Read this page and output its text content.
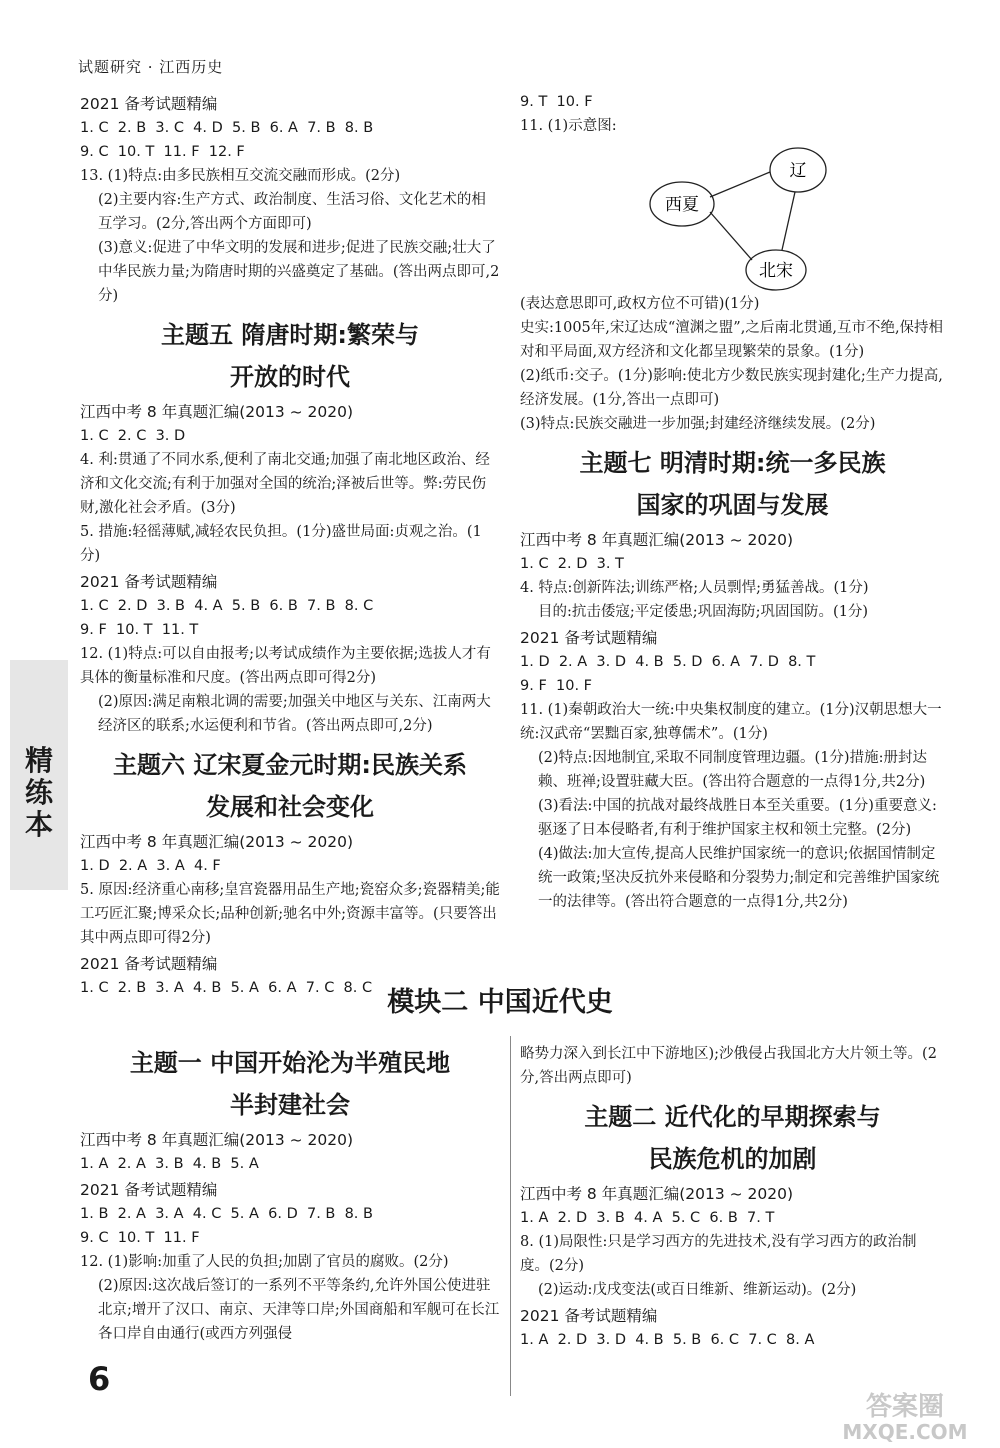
试题研究 · 江西历史

2021 备考试题精编

1. C  2. B  3. C  4. D  5. B  6. A  7. B  8. B

9. C  10. T  11. F  12. F

13. (1)特点:由多民族相互交流交融而形成。(2分)

(2)主要内容:生产方式、政治制度、生活习俗、文化艺术的相互学习。(2分,答出两个方面即可)

(3)意义:促进了中华文明的发展和进步;促进了民族交融;壮大了中华民族力量;为隋唐时期的兴盛奠定了基础。(答出两点即可,2分)

主题五 隋唐时期:繁荣与

开放的时代

江西中考 8 年真题汇编(2013 ~ 2020)

1. C  2. C  3. D

4. 利:贯通了不同水系,便利了南北交通;加强了南北地区政治、经济和文化交流;有利于加强对全国的统治;泽被后世等。弊:劳民伤财,激化社会矛盾。(3分)

5. 措施:轻徭薄赋,减轻农民负担。(1分)盛世局面:贞观之治。(1分)

2021 备考试题精编

1. C  2. D  3. B  4. A  5. B  6. B  7. B  8. C

9. F  10. T  11. T

12. (1)特点:可以自由报考;以考试成绩作为主要依据;选拔人才有具体的衡量标准和尺度。(答出两点即可得2分)

(2)原因:满足南粮北调的需要;加强关中地区与关东、江南两大经济区的联系;水运便利和节省。(答出两点即可,2分)

主题六 辽宋夏金元时期:民族关系

发展和社会变化

江西中考 8 年真题汇编(2013 ~ 2020)

1. D  2. A  3. A  4. F

5. 原因:经济重心南移;皇宫瓷器用品生产地;瓷窑众多;瓷器精美;能工巧匠汇聚;博采众长;品种创新;驰名中外;资源丰富等。(只要答出其中两点即可得2分)

2021 备考试题精编

1. C  2. B  3. A  4. B  5. A  6. A  7. C  8. C

9. T  10. F

11. (1)示意图:

西夏
辽
北宋

(表达意思即可,政权方位不可错)(1分)

史实:1005年,宋辽达成“澶渊之盟”,之后南北贯通,互市不绝,保持相对和平局面,双方经济和文化都呈现繁荣的景象。(1分)

(2)纸币:交子。(1分)影响:使北方少数民族实现封建化;生产力提高,经济发展。(1分,答出一点即可)

(3)特点:民族交融进一步加强;封建经济继续发展。(2分)

主题七 明清时期:统一多民族

国家的巩固与发展

江西中考 8 年真题汇编(2013 ~ 2020)

1. C  2. D  3. T

4. 特点:创新阵法;训练严格;人员剽悍;勇猛善战。(1分)

目的:抗击倭寇;平定倭患;巩固海防;巩固国防。(1分)

2021 备考试题精编

1. D  2. A  3. D  4. B  5. D  6. A  7. D  8. T

9. F  10. F

11. (1)秦朝政治大一统:中央集权制度的建立。(1分)汉朝思想大一统:汉武帝“罢黜百家,独尊儒术”。(1分)

(2)特点:因地制宜,采取不同制度管理边疆。(1分)措施:册封达赖、班禅;设置驻藏大臣。(答出符合题意的一点得1分,共2分)

(3)看法:中国的抗战对最终战胜日本至关重要。(1分)重要意义:驱逐了日本侵略者,有利于维护国家主权和领土完整。(2分)

(4)做法:加大宣传,提高人民维护国家统一的意识;依据国情制定统一政策;坚决反抗外来侵略和分裂势力;制定和完善维护国家统一的法律等。(答出符合题意的一点得1分,共2分)

模块二 中国近代史

主题一 中国开始沦为半殖民地

半封建社会

江西中考 8 年真题汇编(2013 ~ 2020)

1. A  2. A  3. B  4. B  5. A

2021 备考试题精编

1. B  2. A  3. A  4. C  5. A  6. D  7. B  8. B

9. C  10. T  11. F

12. (1)影响:加重了人民的负担;加剧了官员的腐败。(2分)

(2)原因:这次战后签订的一系列不平等条约,允许外国公使进驻北京;增开了汉口、南京、天津等口岸;外国商船和军舰可在长江各口岸自由通行(或西方列强侵

略势力深入到长江中下游地区);沙俄侵占我国北方大片领土等。(2分,答出两点即可)

主题二 近代化的早期探索与

民族危机的加剧

江西中考 8 年真题汇编(2013 ~ 2020)

1. A  2. D  3. B  4. A  5. C  6. B  7. T

8. (1)局限性:只是学习西方的先进技术,没有学习西方的政治制度。(2分)

(2)运动:戊戌变法(或百日维新、维新运动)。(2分)

2021 备考试题精编

1. A  2. D  3. D  4. B  5. B  6. C  7. C  8. A

精练本
6
答案圈
MXQE.COM
